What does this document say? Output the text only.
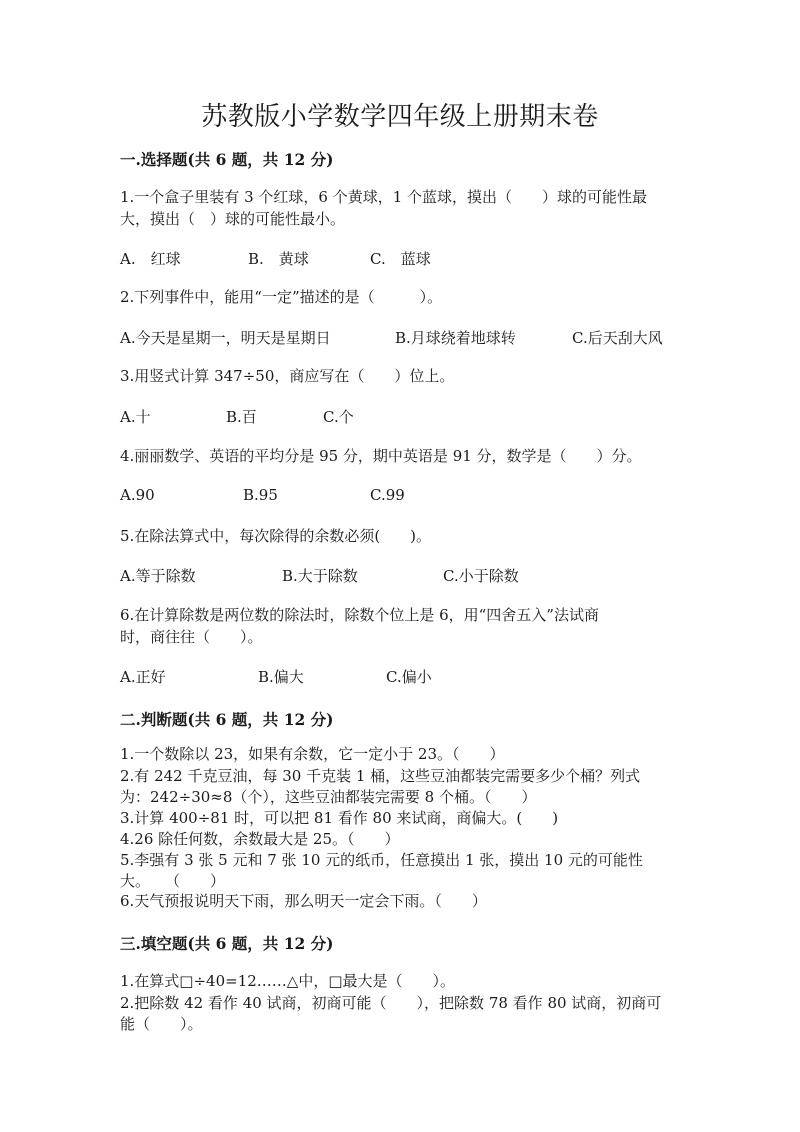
苏教版小学数学四年级上册期末卷
一.选择题(共 6 题，共 12 分)
1.一个盒子里装有 3 个红球，6 个黄球，1 个蓝球，摸出（　　）球的可能性最
大，摸出（　）球的可能性最小。
A.　红球	B.　黄球	C.　蓝球
2.下列事件中，能用“一定”描述的是（　　　）。
A.今天是星期一，明天是星期日	B.月球绕着地球转	C.后天刮大风
3.用竖式计算 347÷50，商应写在（　　）位上。
A.十	B.百	C.个
4.丽丽数学、英语的平均分是 95 分，期中英语是 91 分，数学是（　　）分。
A.90	B.95	C.99
5.在除法算式中，每次除得的余数必须(　　)。
A.等于除数	B.大于除数	C.小于除数
6.在计算除数是两位数的除法时，除数个位上是 6，用“四舍五入”法试商
时，商往往（　　）。
A.正好	B.偏大	C.偏小
二.判断题(共 6 题，共 12 分)
1.一个数除以 23，如果有余数，它一定小于 23。（　　）
2.有 242 千克豆油，每 30 千克装 1 桶，这些豆油都装完需要多少个桶？列式
为：242÷30≈8（个），这些豆油都装完需要 8 个桶。（　　）
3.计算 400÷81 时，可以把 81 看作 80 来试商，商偏大。(　　)
4.26 除任何数，余数最大是 25。（　　）
5.李强有 3 张 5 元和 7 张 10 元的纸币，任意摸出 1 张，摸出 10 元的可能性
大。　　（　　）
6.天气预报说明天下雨，那么明天一定会下雨。（　　）
三.填空题(共 6 题，共 12 分)
1.在算式□÷40=12……△中，□最大是（　　）。
2.把除数 42 看作 40 试商，初商可能（　　），把除数 78 看作 80 试商，初商可
能（　　）。
